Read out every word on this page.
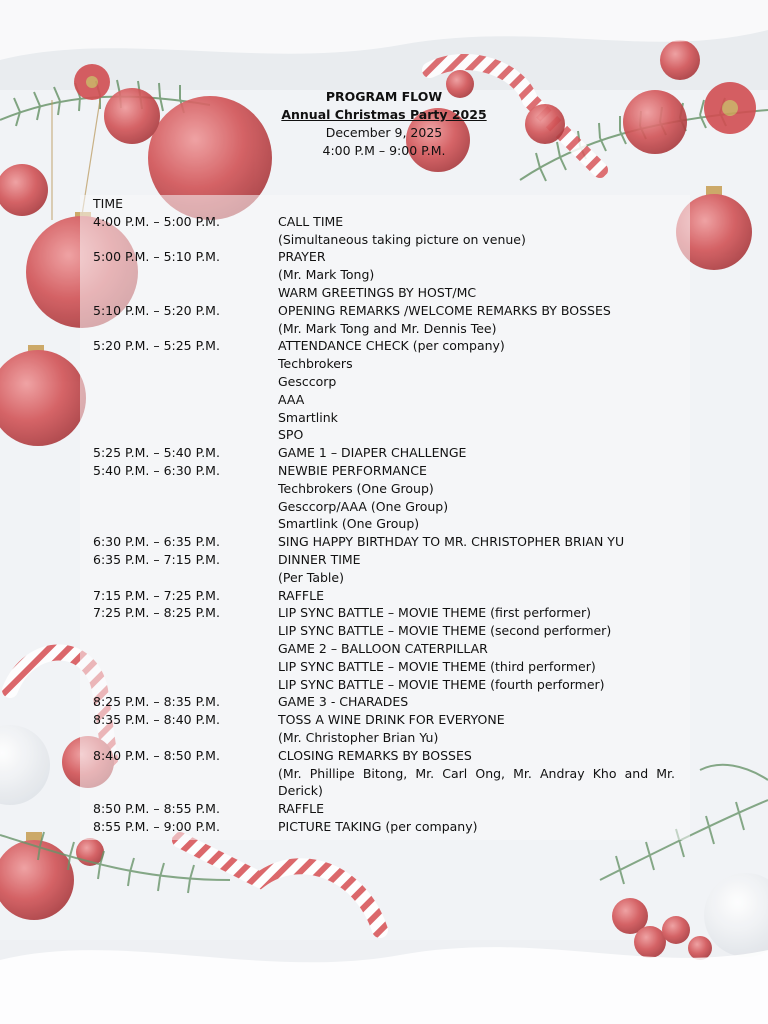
PROGRAM FLOW
Annual Christmas Party 2025
December 9, 2025
4:00 P.M – 9:00 P.M.
TIME
4:00 P.M. – 5:00 P.M.	CALL TIME
(Simultaneous taking picture on venue)
5:00 P.M. – 5:10 P.M.	PRAYER
(Mr. Mark Tong)
WARM GREETINGS BY HOST/MC
5:10 P.M. – 5:20 P.M.	OPENING REMARKS /WELCOME REMARKS BY BOSSES
(Mr. Mark Tong and Mr. Dennis Tee)
5:20 P.M. – 5:25 P.M.	ATTENDANCE CHECK (per company)
Techbrokers
Gesccorp
AAA
Smartlink
SPO
5:25 P.M. – 5:40 P.M.	GAME 1 – DIAPER CHALLENGE
5:40 P.M. – 6:30 P.M.	NEWBIE PERFORMANCE
Techbrokers (One Group)
Gesccorp/AAA (One Group)
Smartlink (One Group)
6:30 P.M. – 6:35 P.M.	SING HAPPY BIRTHDAY TO MR. CHRISTOPHER BRIAN YU
6:35 P.M. – 7:15 P.M.	DINNER TIME
(Per Table)
7:15 P.M. – 7:25 P.M.	RAFFLE
7:25 P.M. – 8:25 P.M.	LIP SYNC BATTLE – MOVIE THEME (first performer)
LIP SYNC BATTLE – MOVIE THEME (second performer)
GAME 2 – BALLOON CATERPILLAR
LIP SYNC BATTLE – MOVIE THEME (third performer)
LIP SYNC BATTLE – MOVIE THEME (fourth performer)
8:25 P.M. – 8:35 P.M.	GAME 3 - CHARADES
8:35 P.M. – 8:40 P.M.	TOSS A WINE DRINK FOR EVERYONE
(Mr. Christopher Brian Yu)
8:40 P.M. – 8:50 P.M.	CLOSING REMARKS BY BOSSES
(Mr. Phillipe Bitong, Mr. Carl Ong, Mr. Andray Kho and Mr. Derick)
8:50 P.M. – 8:55 P.M.	RAFFLE
8:55 P.M. – 9:00 P.M.	PICTURE TAKING (per company)
